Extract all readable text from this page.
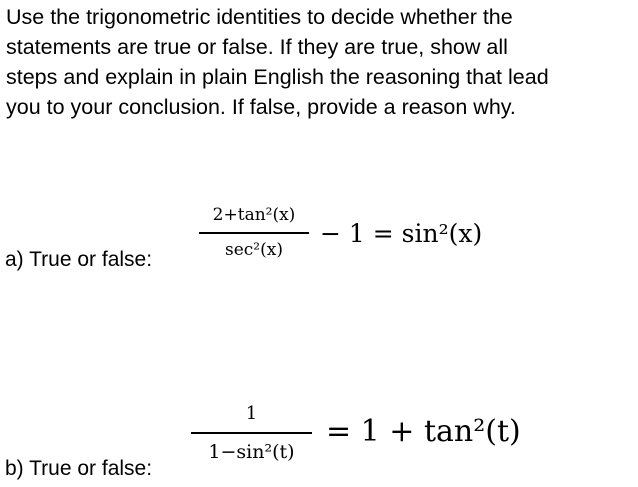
Use the trigonometric identities to decide whether the
statements are true or false. If they are true, show all
steps and explain in plain English the reasoning that lead
you to your conclusion. If false, provide a reason why.
a) True or false:
2+tan²(x)
sec²(x)
− 1 = sin²(x)
b) True or false:
1
1−sin²(t)
= 1 + tan²(t)
